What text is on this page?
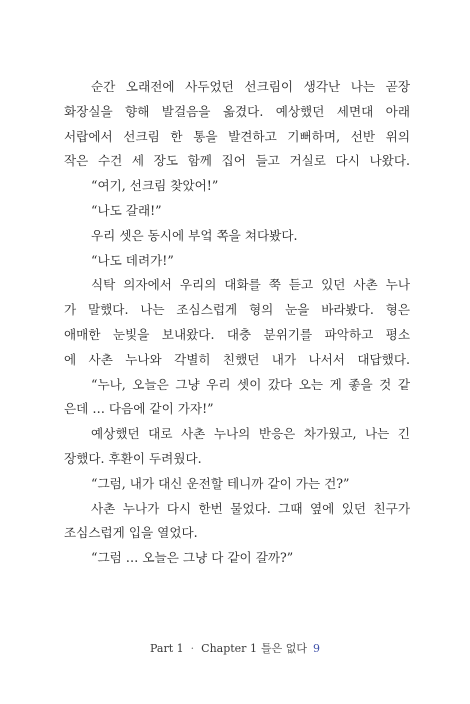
순간 오래전에 사두었던 선크림이 생각난 나는 곧장
화장실을 향해 발걸음을 옮겼다. 예상했던 세면대 아래
서랍에서 선크림 한 통을 발견하고 기뻐하며, 선반 위의
작은 수건 세 장도 함께 집어 들고 거실로 다시 나왔다.
“여기, 선크림 찾았어!”
“나도 갈래!”
우리 셋은 동시에 부엌 쪽을 쳐다봤다.
“나도 데려가!”
식탁 의자에서 우리의 대화를 쭉 듣고 있던 사촌 누나
가 말했다. 나는 조심스럽게 형의 눈을 바라봤다. 형은
애매한 눈빛을 보내왔다. 대충 분위기를 파악하고 평소
에 사촌 누나와 각별히 친했던 내가 나서서 대답했다.
“누나, 오늘은 그냥 우리 셋이 갔다 오는 게 좋을 것 같
은데 … 다음에 같이 가자!”
예상했던 대로 사촌 누나의 반응은 차가웠고, 나는 긴
장했다. 후환이 두려웠다.
“그럼, 내가 대신 운전할 테니까 같이 가는 건?”
사촌 누나가 다시 한번 물었다. 그때 옆에 있던 친구가
조심스럽게 입을 열었다.
“그럼 … 오늘은 그냥 다 같이 갈까?”
Part 1 · Chapter 1 틀은 없다 9
